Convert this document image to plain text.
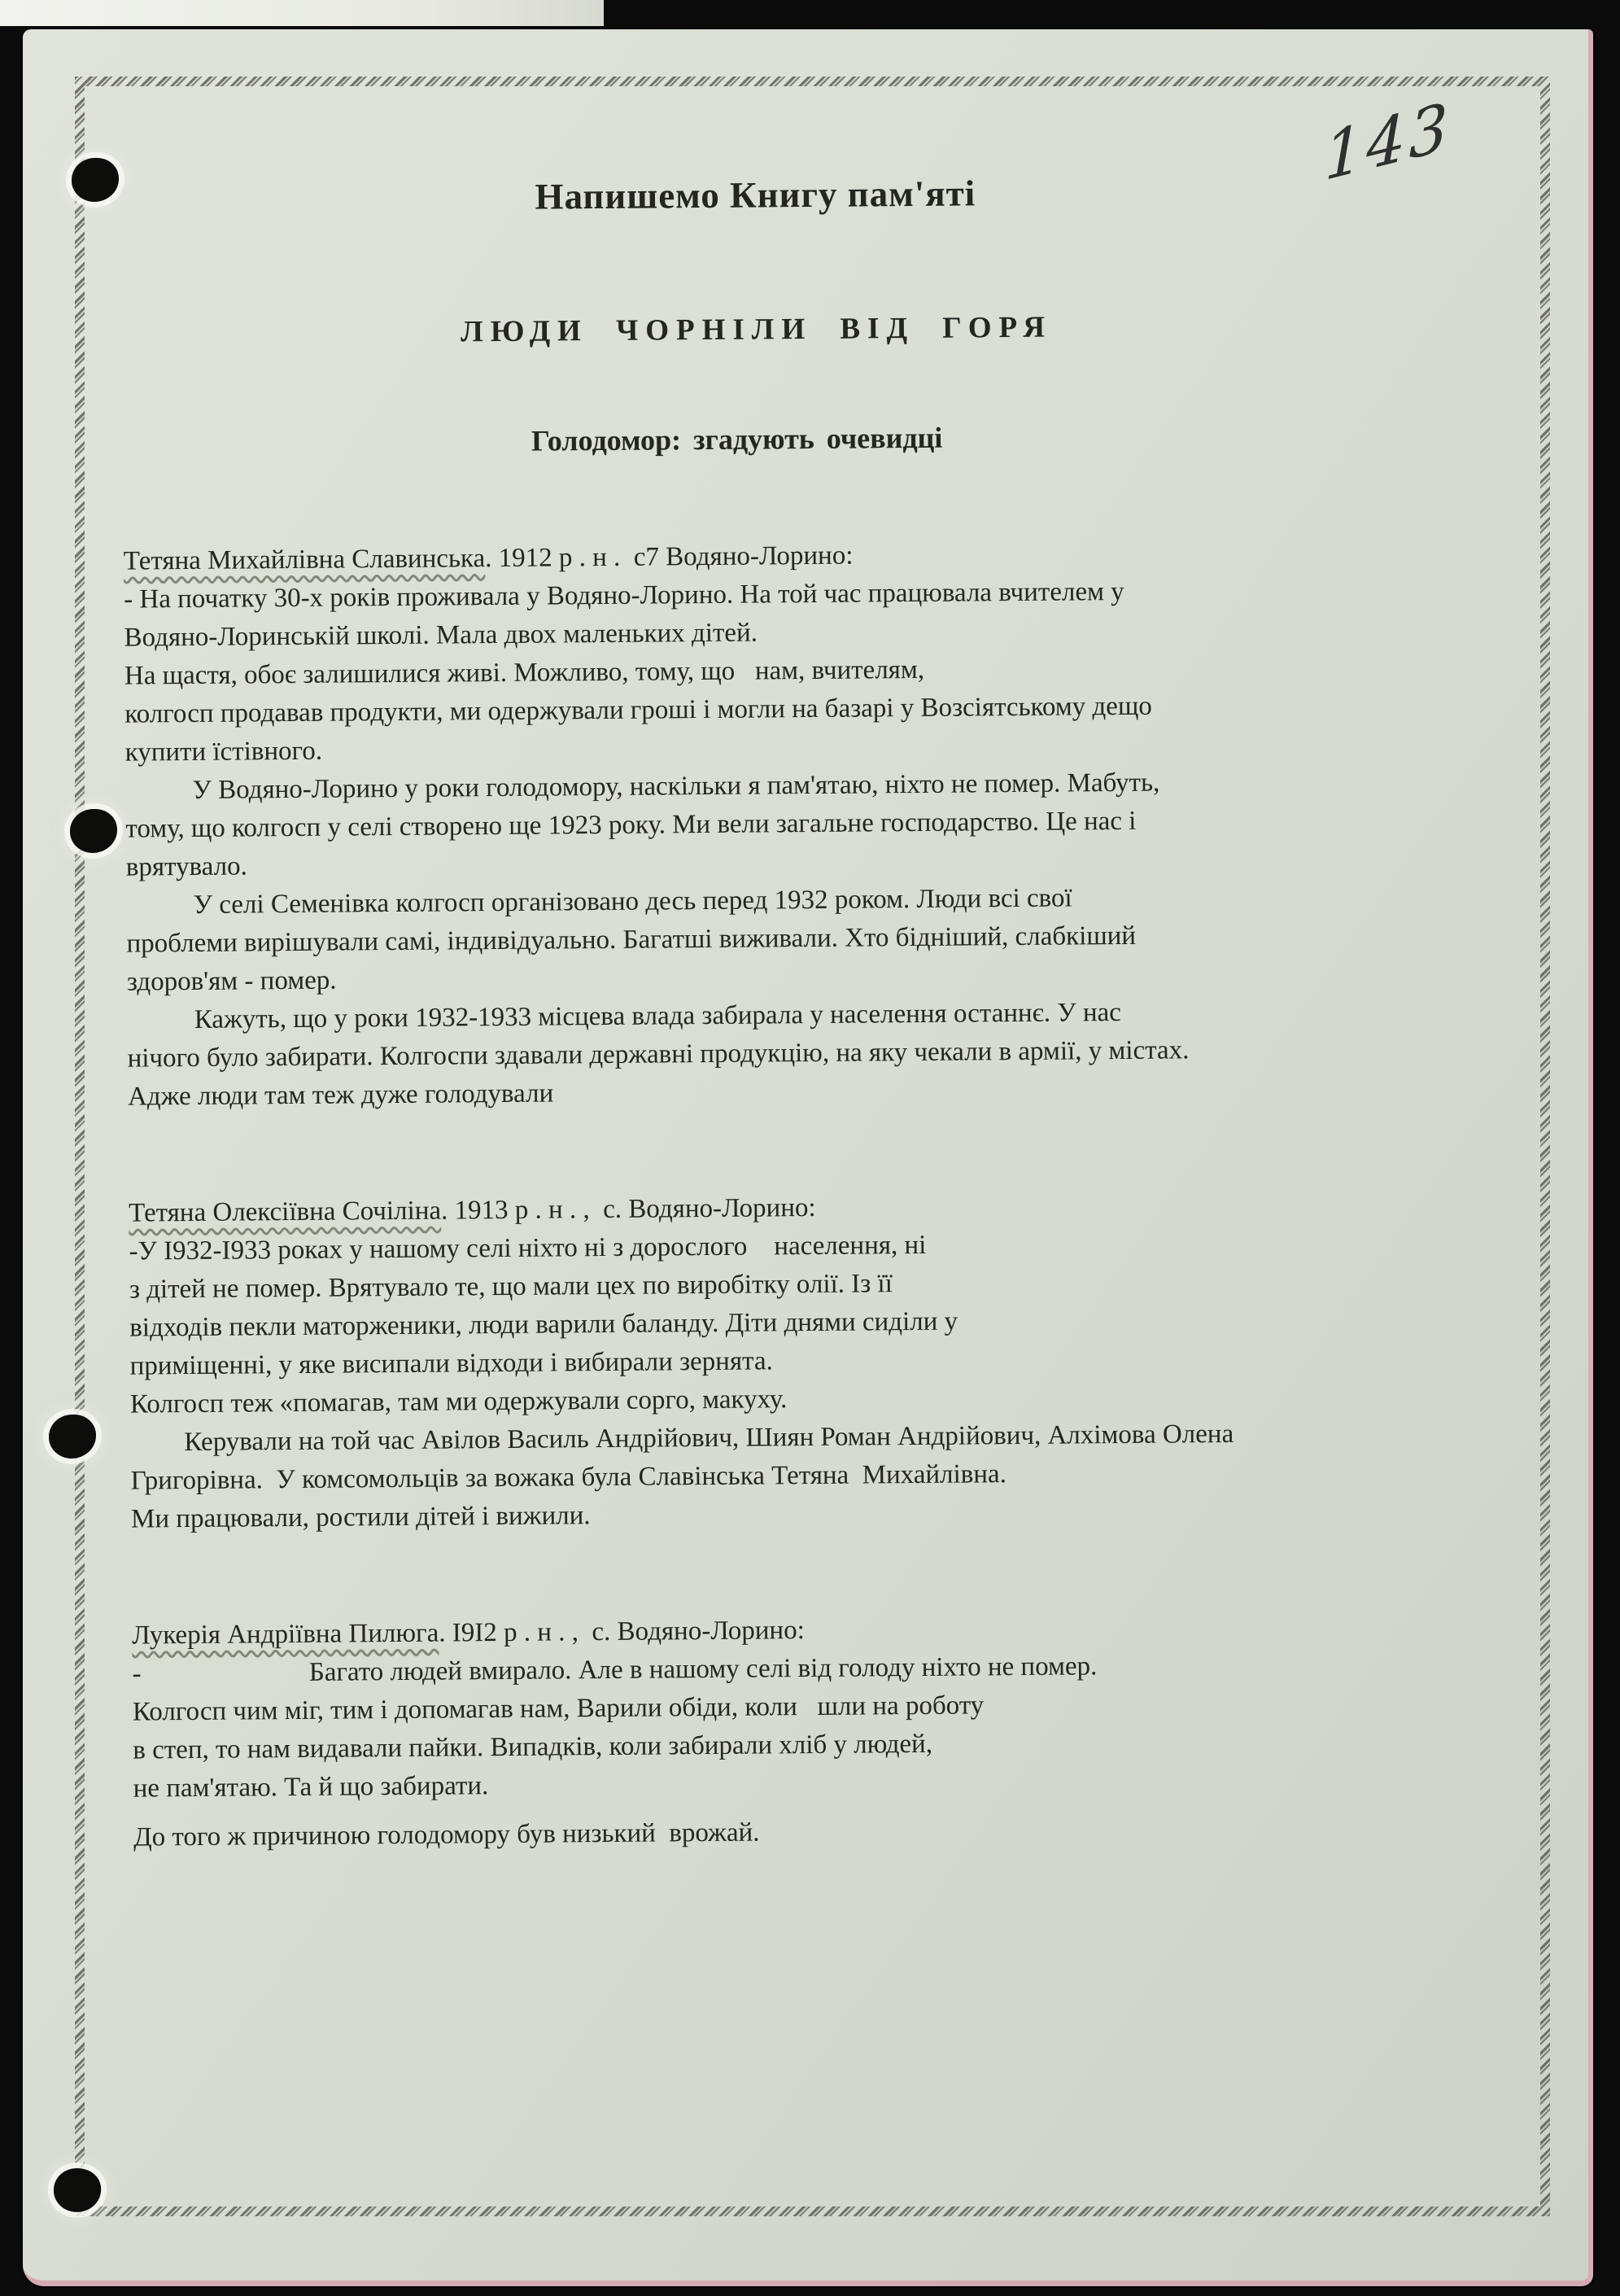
143
Напишемо Книгу пам'яті
ЛЮДИ ЧОРНІЛИ ВІД ГОРЯ
Голодомор: згадують очевидці
Тетяна Михайлівна Славинська. 1912 р . н .  с7 Водяно-Лорино:
- На початку 30-х років проживала у Водяно-Лорино. На той час працювала вчителем у
Водяно-Лоринській школі. Мала двох маленьких дітей.
На щастя, обоє залишилися живі. Можливо, тому, що   нам, вчителям,
колгосп продавав продукти, ми одержували гроші і могли на базарі у Возсіятському дещо
купити їстівного.
У Водяно-Лорино у роки голодомору, наскільки я пам'ятаю, ніхто не помер. Мабуть,
тому, що колгосп у селі створено ще 1923 року. Ми вели загальне господарство. Це нас і
врятувало.
У селі Семенівка колгосп організовано десь перед 1932 роком. Люди всі свої
проблеми вирішували самі, індивідуально. Багатші виживали. Хто бідніший, слабкіший
здоров'ям - помер.
Кажуть, що у роки 1932-1933 місцева влада забирала у населення останнє. У нас
нічого було забирати. Колгоспи здавали державні продукцію, на яку чекали в армії, у містах.
Адже люди там теж дуже голодували
Тетяна Олексіївна Сочіліна. 1913 р . н . ,  с. Водяно-Лорино:
-У І932-І933 роках у нашому селі ніхто ні з дорослого    населення, ні
з дітей не помер. Врятувало те, що мали цех по виробітку олії. Із її
відходів пекли маторженики, люди варили баланду. Діти днями сиділи у
приміщенні, у яке висипали відходи і вибирали зернята.
Колгосп теж «помагав, там ми одержували сорго, макуху.
Керували на той час Авілов Василь Андрійович, Шиян Роман Андрійович, Алхімова Олена
Григорівна.  У комсомольців за вожака була Славінська Тетяна  Михайлівна.
Ми працювали, ростили дітей і вижили.
Лукерія Андріївна Пилюга. І9І2 р . н . ,  с. Водяно-Лорино:
-                         Багато людей вмирало. Але в нашому селі від голоду ніхто не помер.
Колгосп чим міг, тим і допомагав нам, Варили обіди, коли   шли на роботу
в степ, то нам видавали пайки. Випадків, коли забирали хліб у людей,
не пам'ятаю. Та й що забирати.
До того ж причиною голодомору був низький  врожай.
